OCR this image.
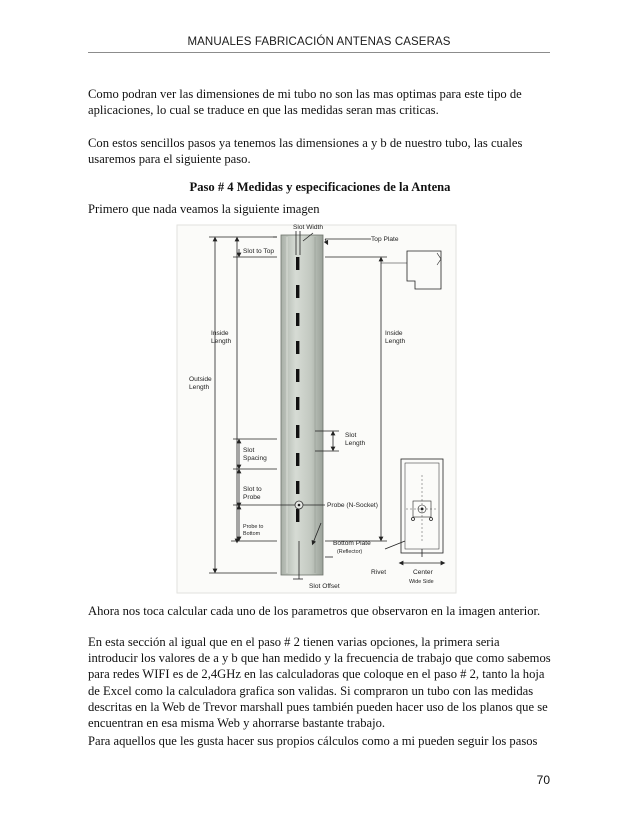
MANUALES FABRICACIÓN ANTENAS CASERAS

Como podran ver las dimensiones de mi tubo no son las mas optimas para este tipo de aplicaciones, lo cual se traduce en que las medidas seran mas criticas.

Con estos sencillos pasos ya tenemos las dimensiones a y b de nuestro tubo, las cuales usaremos para el siguiente paso.

Paso # 4 Medidas y especificaciones de la Antena

Primero que nada veamos la siguiente imagen

Slot Width
Top Plate
Slot to Top
Inside
Length
Inside
Length
Outside
Length
Slot
Length
Slot
Spacing
Slot to
Probe
Probe to
Bottom
Probe (N-Socket)
Bottom Plate
(Reflector)
Rivet	Center
Wide Side
Slot Offset

Ahora nos toca calcular cada uno de los parametros que observaron en la imagen anterior.

En esta sección al igual que en el paso # 2 tienen varias opciones, la primera seria introducir los valores de a y b que han medido y la frecuencia de trabajo que como sabemos para redes WIFI es de 2,4GHz en las calculadoras que coloque en el paso # 2, tanto la hoja de Excel como la calculadora grafica son validas. Si compraron un tubo con las medidas descritas en la Web de Trevor marshall pues también pueden hacer uso de los planos que se encuentran en esa misma Web y ahorrarse bastante trabajo.

Para aquellos que les gusta hacer sus propios cálculos como a mi pueden seguir los pasos

70
